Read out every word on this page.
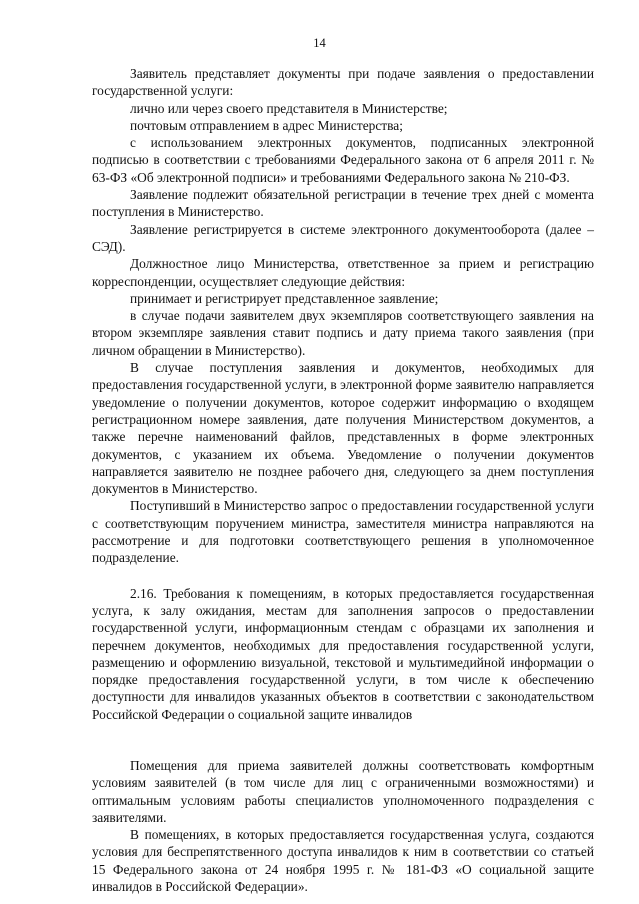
14

Заявитель представляет документы при подаче заявления о предоставлении государственной услуги:

лично или через своего представителя в Министерстве;

почтовым отправлением в адрес Министерства;

с использованием электронных документов, подписанных электронной подписью в соответствии с требованиями Федерального закона от 6 апреля 2011 г. № 63-ФЗ «Об электронной подписи» и требованиями Федерального закона № 210-ФЗ.

Заявление подлежит обязательной регистрации в течение трех дней с момента поступления в Министерство.

Заявление регистрируется в системе электронного документооборота (далее – СЭД).

Должностное лицо Министерства, ответственное за прием и регистрацию корреспонденции, осуществляет следующие действия:

принимает и регистрирует представленное заявление;

в случае подачи заявителем двух экземпляров соответствующего заявления на втором экземпляре заявления ставит подпись и дату приема такого заявления (при личном обращении в Министерство).

В случае поступления заявления и документов, необходимых для предоставления государственной услуги, в электронной форме заявителю направляется уведомление о получении документов, которое содержит информацию о входящем регистрационном номере заявления, дате получения Министерством документов, а также перечне наименований файлов, представленных в форме электронных документов, с указанием их объема. Уведомление о получении документов направляется заявителю не позднее рабочего дня, следующего за днем поступления документов в Министерство.

Поступивший в Министерство запрос о предоставлении государственной услуги с соответствующим поручением министра, заместителя министра направляются на рассмотрение и для подготовки соответствующего решения в уполномоченное подразделение.

2.16. Требования к помещениям, в которых предоставляется государственная услуга, к залу ожидания, местам для заполнения запросов о предоставлении государственной услуги, информационным стендам с образцами их заполнения и перечнем документов, необходимых для предоставления государственной услуги, размещению и оформлению визуальной, текстовой и мультимедийной информации о порядке предоставления государственной услуги, в том числе к обеспечению доступности для инвалидов указанных объектов в соответствии с законодательством Российской Федерации о социальной защите инвалидов

Помещения для приема заявителей должны соответствовать комфортным условиям заявителей (в том числе для лиц с ограниченными возможностями) и оптимальным условиям работы специалистов уполномоченного подразделения с заявителями.

В помещениях, в которых предоставляется государственная услуга, создаются условия для беспрепятственного доступа инвалидов к ним в соответствии со статьей 15 Федерального закона от 24 ноября 1995 г. № 181-ФЗ «О социальной защите инвалидов в Российской Федерации».
